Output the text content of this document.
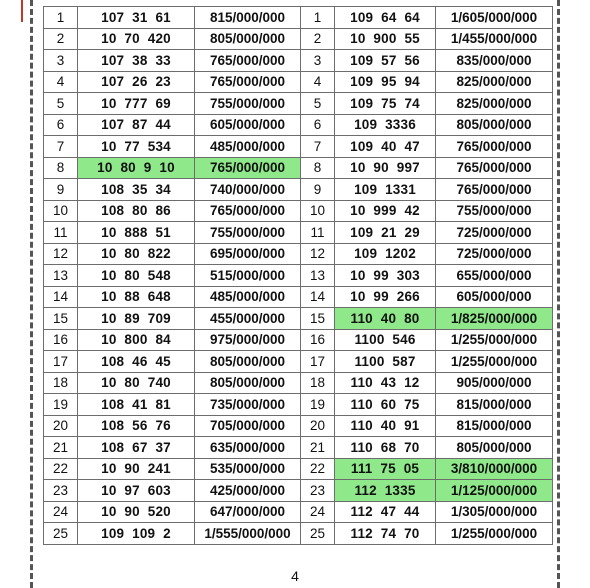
1	107  31  61	815/000/000	1	109  64  64	1/605/000/000
2	10  70  420	805/000/000	2	10  900  55	1/455/000/000
3	107  38  33	765/000/000	3	109  57  56	835/000/000
4	107  26  23	765/000/000	4	109  95  94	825/000/000
5	10  777  69	755/000/000	5	109  75  74	825/000/000
6	107  87  44	605/000/000	6	109  3336	805/000/000
7	10  77  534	485/000/000	7	109  40  47	765/000/000
8	10  80  9  10	765/000/000	8	10  90  997	765/000/000
9	108  35  34	740/000/000	9	109  1331	765/000/000
10	108  80  86	765/000/000	10	10  999  42	755/000/000
11	10  888  51	755/000/000	11	109  21  29	725/000/000
12	10  80  822	695/000/000	12	109  1202	725/000/000
13	10  80  548	515/000/000	13	10  99  303	655/000/000
14	10  88  648	485/000/000	14	10  99  266	605/000/000
15	10  89  709	455/000/000	15	110  40  80	1/825/000/000
16	10  800  84	975/000/000	16	1100  546	1/255/000/000
17	108  46  45	805/000/000	17	1100  587	1/255/000/000
18	10  80  740	805/000/000	18	110  43  12	905/000/000
19	108  41  81	735/000/000	19	110  60  75	815/000/000
20	108  56  76	705/000/000	20	110  40  91	815/000/000
21	108  67  37	635/000/000	21	110  68  70	805/000/000
22	10  90  241	535/000/000	22	111  75  05	3/810/000/000
23	10  97  603	425/000/000	23	112  1335	1/125/000/000
24	10  90  520	647/000/000	24	112  47  44	1/305/000/000
25	109  109  2	1/555/000/000	25	112  74  70	1/255/000/000
4
